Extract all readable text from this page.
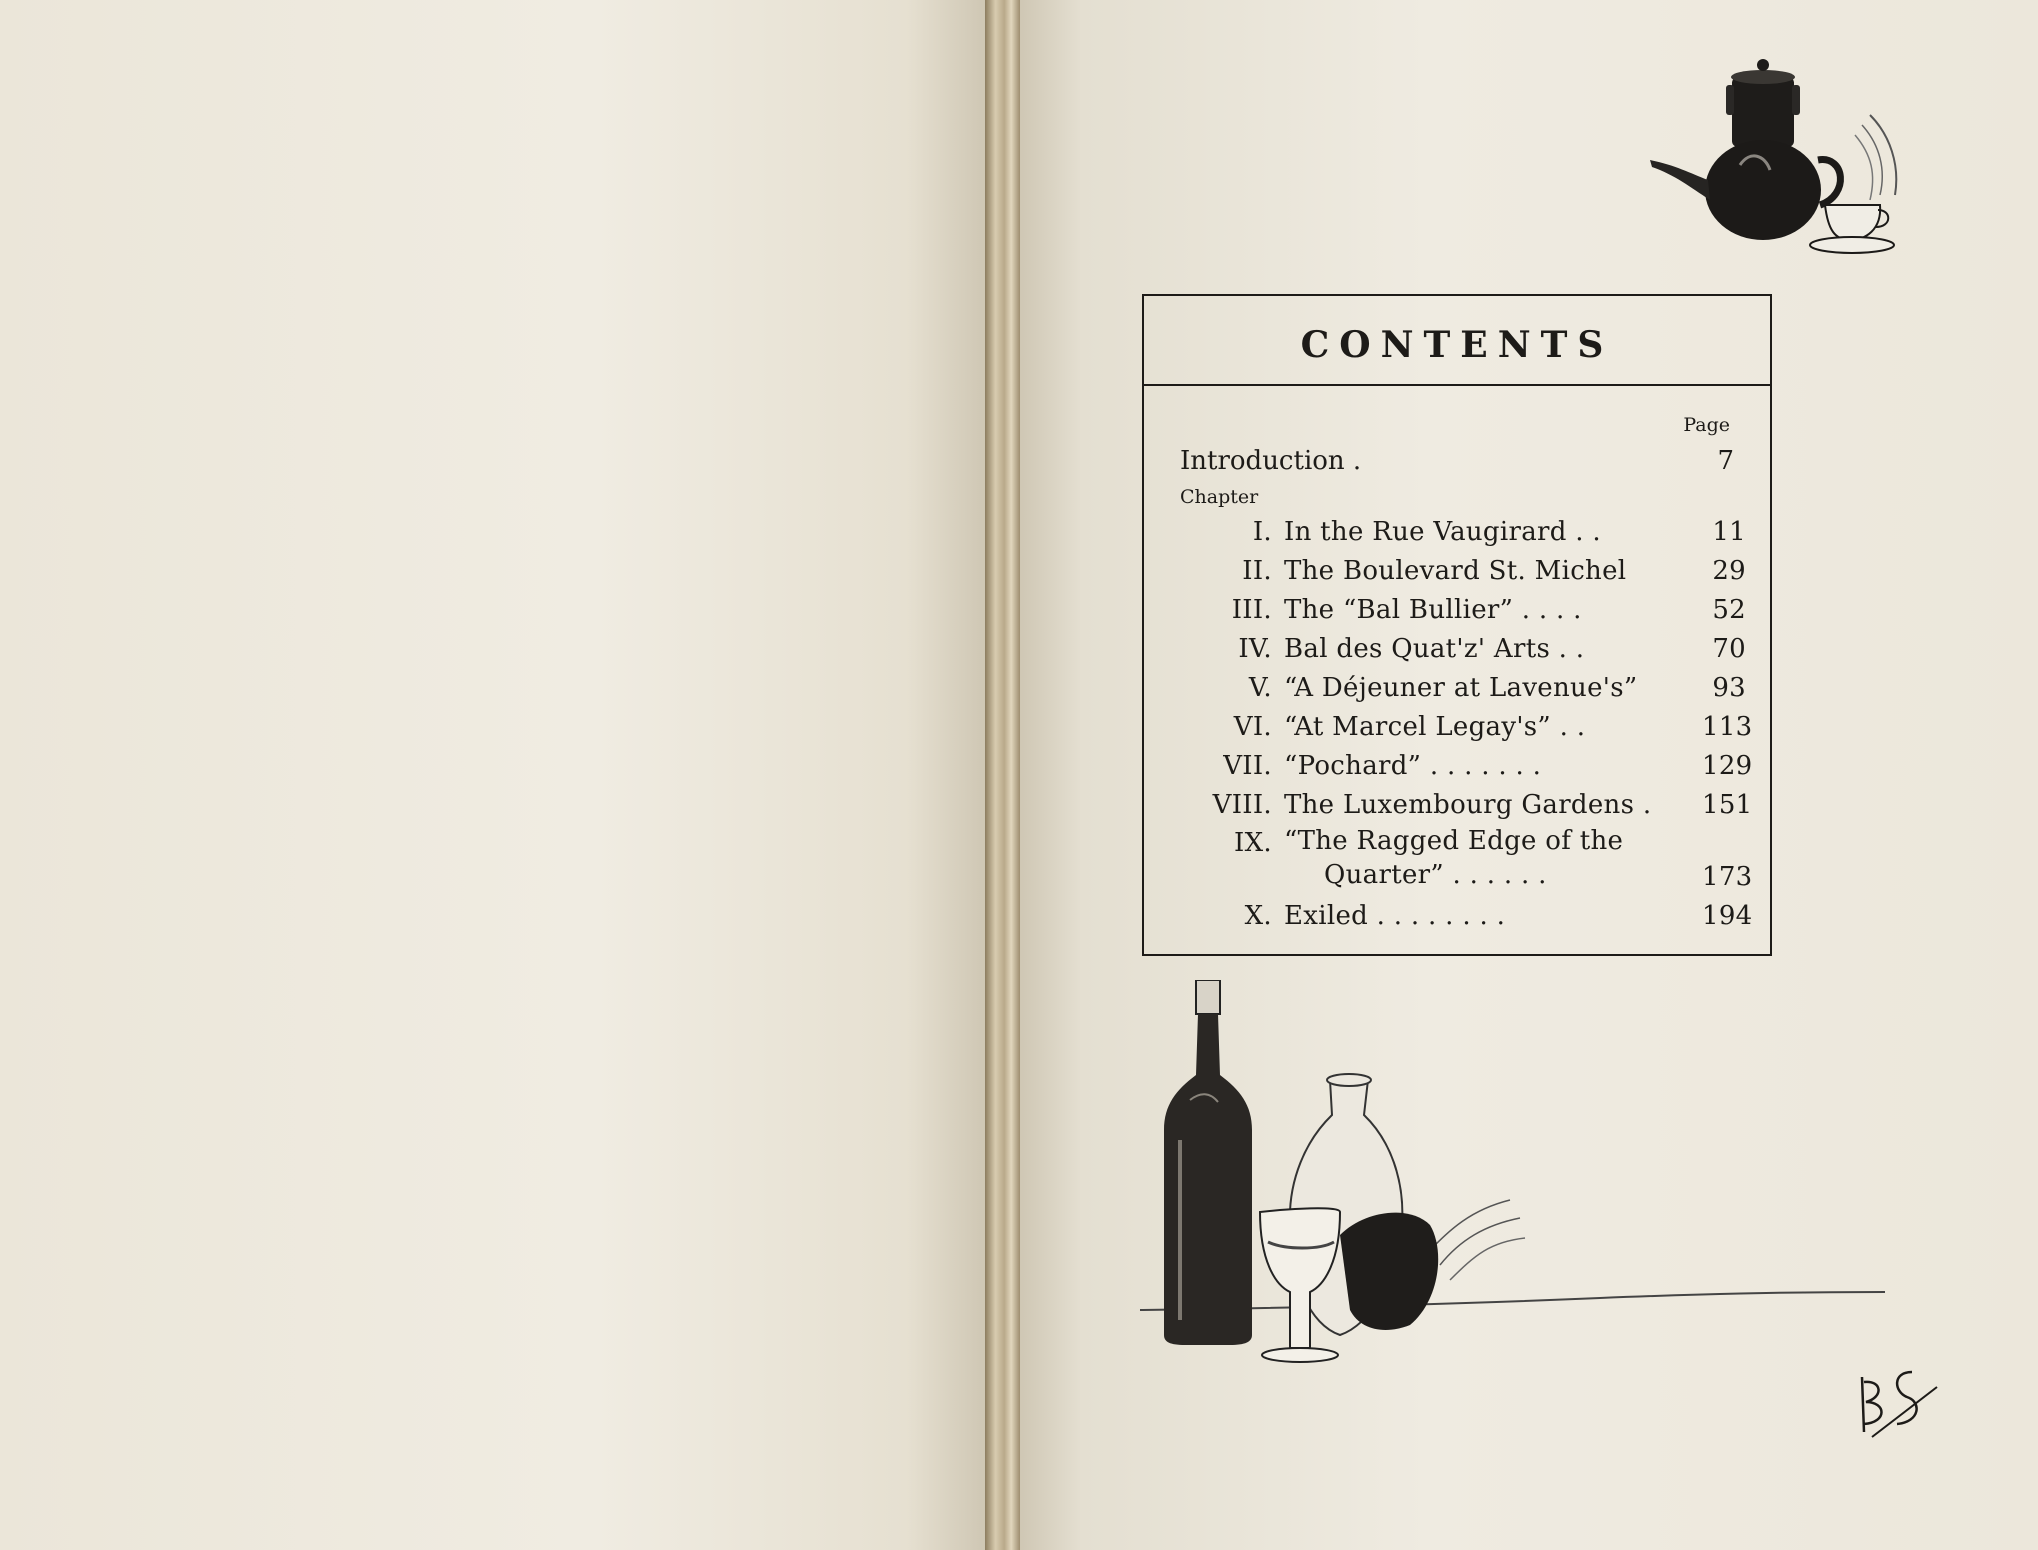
CONTENTS
Page
Introduction .	7
Chapter
I. In the Rue Vaugirard . .	11
II. The Boulevard St. Michel	29
III. The “Bal Bullier” . . . .	52
IV. Bal des Quat'z' Arts . .	70
V. “A Déjeuner at Lavenue's”	93
VI. “At Marcel Legay's” . .	113
VII. “Pochard” . . . . . . .	129
VIII. The Luxembourg Gardens .	151
IX. “The Ragged Edge of the
Quarter” . . . . . .	173
X. Exiled . . . . . . . .	194
